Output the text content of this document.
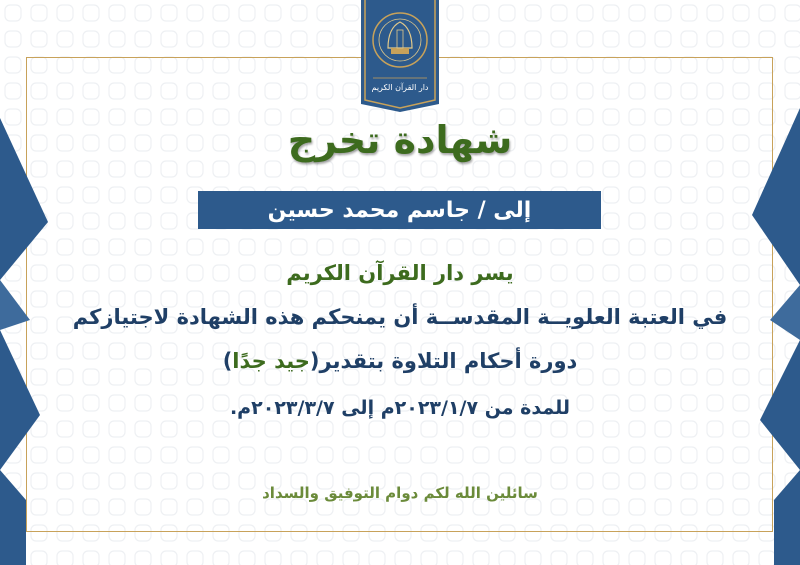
دار القرآن الكريم
شهادة تخرج
إلى / جاسم محمد حسين
يسر دار القرآن الكريم
في العتبة العلويــة المقدســة أن يمنحكم هذه الشهادة لاجتيازكم
دورة أحكام التلاوة بتقدير(جيد جدًا)
للمدة من ٢٠٢٣/١/٧م إلى ٢٠٢٣/٣/٧م.
سائلين الله لكم دوام التوفيق والسداد
